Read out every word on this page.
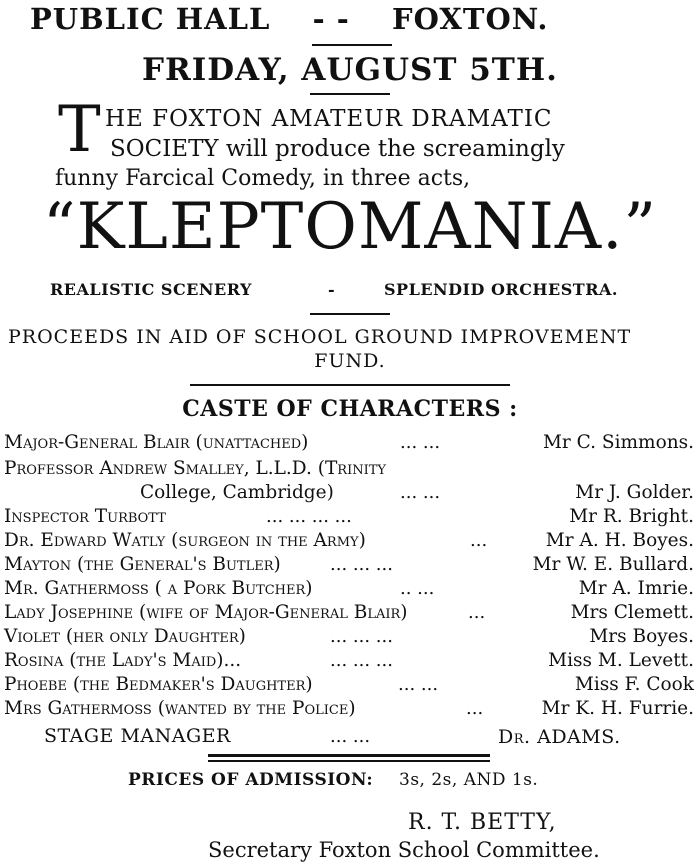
PUBLIC HALL - - FOXTON.
FRIDAY, AUGUST 5TH.
T HE FOXTON AMATEUR DRAMATIC
SOCIETY will produce the screamingly
funny Farcical Comedy, in three acts,
“KLEPTOMANIA.”
REALISTIC SCENERY	-	SPLENDID ORCHESTRA.
PROCEEDS IN AID OF SCHOOL GROUND IMPROVEMENT
FUND.
CASTE OF CHARACTERS :
Major-General Blair (unattached)	... ...	Mr C. Simmons.
Professor Andrew Smalley, L.L.D. (Trinity
College, Cambridge)	... ...	Mr J. Golder.
Inspector Turbott	... ... ... ...	Mr R. Bright.
Dr. Edward Watly (surgeon in the Army)	...	Mr A. H. Boyes.
Mayton (the General's Butler)	... ... ...	Mr W. E. Bullard.
Mr. Gathermoss ( a Pork Butcher)	.. ...	Mr A. Imrie.
Lady Josephine (wife of Major-General Blair)	...	Mrs Clemett.
Violet (her only Daughter)	... ... ...	Mrs Boyes.
Rosina (the Lady's Maid)...	... ... ...	Miss M. Levett.
Phoebe (the Bedmaker's Daughter)	... ...	Miss F. Cook
Mrs Gathermoss (wanted by the Police)	...	Mr K. H. Furrie.
STAGE MANAGER	... ...	Dr. ADAMS.
PRICES OF ADMISSION: 3s, 2s, AND 1s.
R. T. BETTY,
Secretary Foxton School Committee.
